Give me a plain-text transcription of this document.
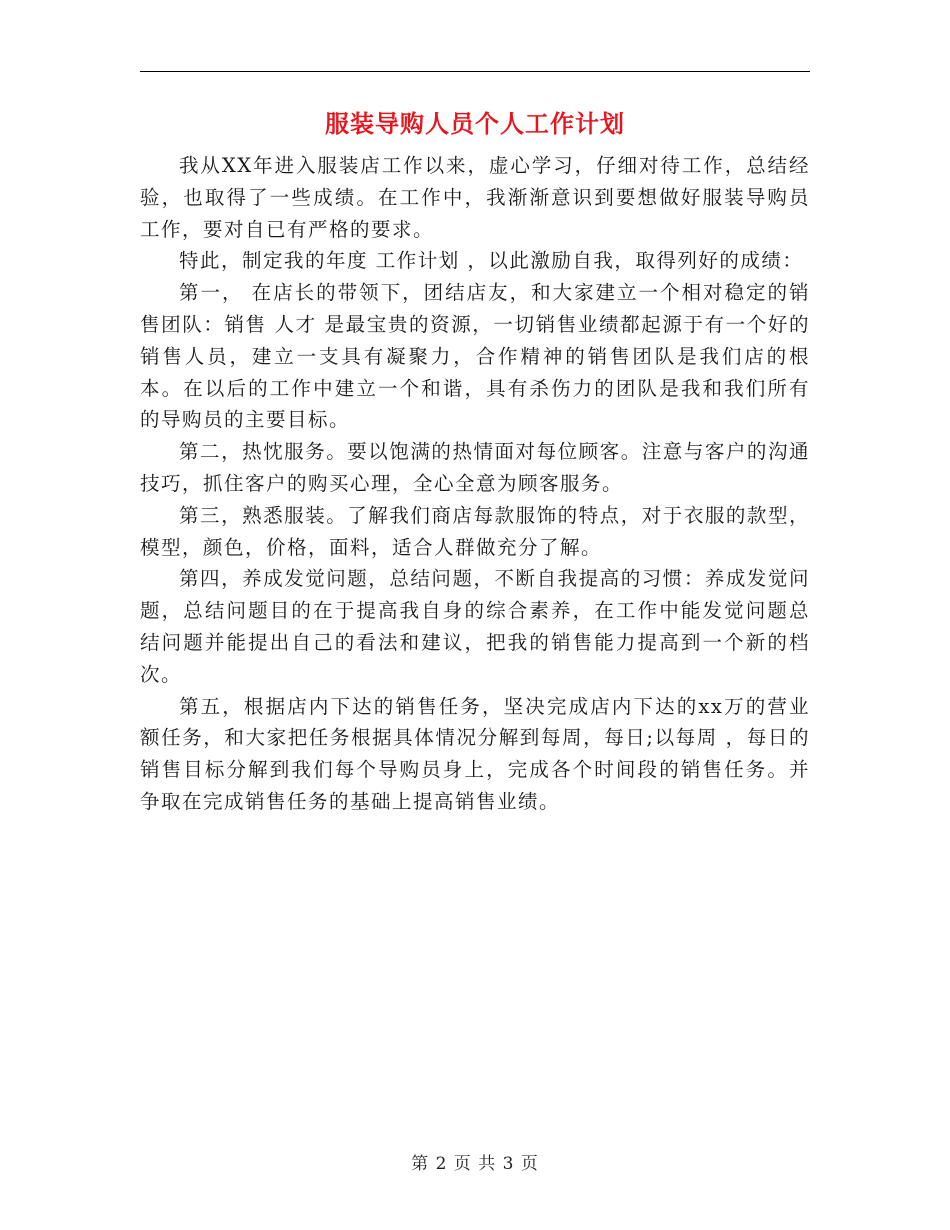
服装导购人员个人工作计划

我从XX年进入服装店工作以来，虚心学习，仔细对待工作，总结经验，也取得了一些成绩。在工作中，我渐渐意识到要想做好服装导购员工作，要对自已有严格的要求。

特此，制定我的年度 工作计划 ，以此激励自我，取得列好的成绩：

第一， 在店长的带领下，团结店友，和大家建立一个相对稳定的销售团队：销售 人才 是最宝贵的资源，一切销售业绩都起源于有一个好的销售人员，建立一支具有凝聚力，合作精神的销售团队是我们店的根本。在以后的工作中建立一个和谐，具有杀伤力的团队是我和我们所有的导购员的主要目标。

第二，热忱服务。要以饱满的热情面对每位顾客。注意与客户的沟通技巧，抓住客户的购买心理，全心全意为顾客服务。

第三，熟悉服装。了解我们商店每款服饰的特点，对于衣服的款型，模型，颜色，价格，面料，适合人群做充分了解。

第四，养成发觉问题，总结问题，不断自我提高的习惯：养成发觉问题，总结问题目的在于提高我自身的综合素养，在工作中能发觉问题总结问题并能提出自己的看法和建议，把我的销售能力提高到一个新的档次。

第五，根据店内下达的销售任务，坚决完成店内下达的xx万的营业额任务，和大家把任务根据具体情况分解到每周，每日;以每周 ，每日的销售目标分解到我们每个导购员身上，完成各个时间段的销售任务。并争取在完成销售任务的基础上提高销售业绩。

第 2 页 共 3 页
